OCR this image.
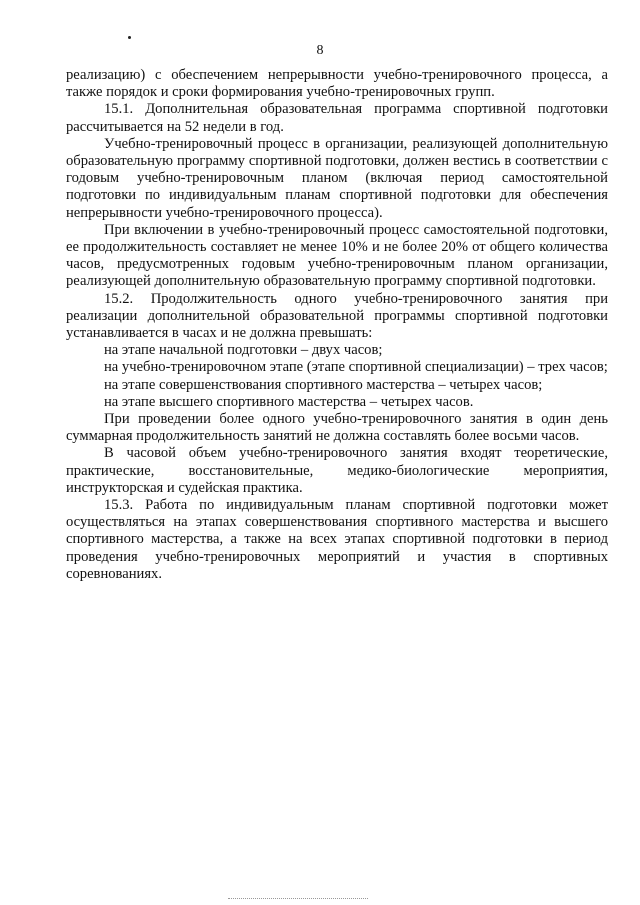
8

реализацию) с обеспечением непрерывности учебно-тренировочного процесса, а также порядок и сроки формирования учебно-тренировочных групп.

15.1. Дополнительная образовательная программа спортивной подготовки рассчитывается на 52 недели в год.

Учебно-тренировочный процесс в организации, реализующей дополнительную образовательную программу спортивной подготовки, должен вестись в соответствии с годовым учебно-тренировочным планом (включая период самостоятельной подготовки по индивидуальным планам спортивной подготовки для обеспечения непрерывности учебно-тренировочного процесса).

При включении в учебно-тренировочный процесс самостоятельной подготовки, ее продолжительность составляет не менее 10% и не более 20% от общего количества часов, предусмотренных годовым учебно-тренировочным планом организации, реализующей дополнительную образовательную программу спортивной подготовки.

15.2. Продолжительность одного учебно-тренировочного занятия при реализации дополнительной образовательной программы спортивной подготовки устанавливается в часах и не должна превышать:

на этапе начальной подготовки – двух часов;

на учебно-тренировочном этапе (этапе спортивной специализации) – трех часов;

на этапе совершенствования спортивного мастерства – четырех часов;

на этапе высшего спортивного мастерства – четырех часов.

При проведении более одного учебно-тренировочного занятия в один день суммарная продолжительность занятий не должна составлять более восьми часов.

В часовой объем учебно-тренировочного занятия входят теоретические, практические, восстановительные, медико-биологические мероприятия, инструкторская и судейская практика.

15.3. Работа по индивидуальным планам спортивной подготовки может осуществляться на этапах совершенствования спортивного мастерства и высшего спортивного мастерства, а также на всех этапах спортивной подготовки в период проведения учебно-тренировочных мероприятий и участия в спортивных соревнованиях.
